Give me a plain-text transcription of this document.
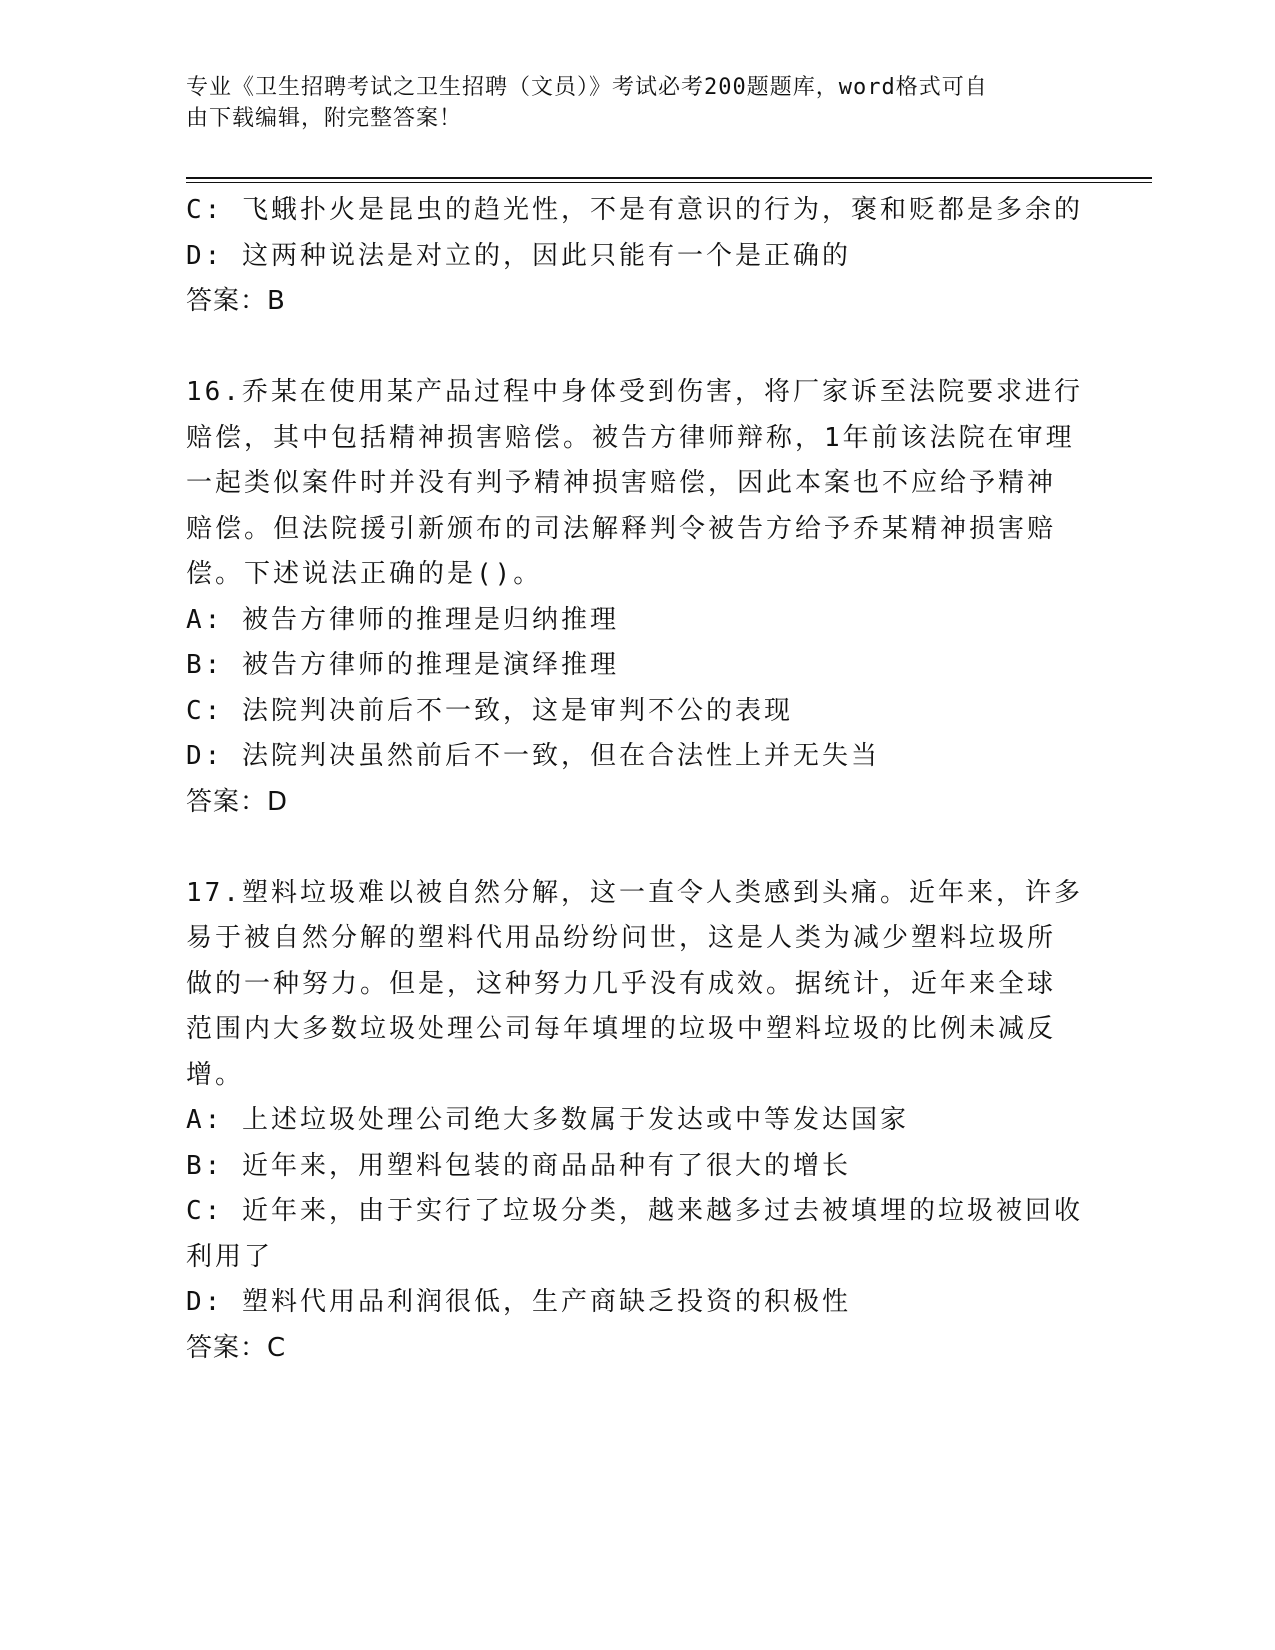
专业《卫生招聘考试之卫生招聘（文员）》考试必考200题题库，word格式可自
由下载编辑，附完整答案！
C: 飞蛾扑火是昆虫的趋光性，不是有意识的行为，褒和贬都是多余的
D: 这两种说法是对立的，因此只能有一个是正确的
答案：B
16.乔某在使用某产品过程中身体受到伤害，将厂家诉至法院要求进行
赔偿，其中包括精神损害赔偿。被告方律师辩称，1年前该法院在审理
一起类似案件时并没有判予精神损害赔偿，因此本案也不应给予精神
赔偿。但法院援引新颁布的司法解释判令被告方给予乔某精神损害赔
偿。下述说法正确的是()。
A: 被告方律师的推理是归纳推理
B: 被告方律师的推理是演绎推理
C: 法院判决前后不一致，这是审判不公的表现
D: 法院判决虽然前后不一致，但在合法性上并无失当
答案：D
17.塑料垃圾难以被自然分解，这一直令人类感到头痛。近年来，许多
易于被自然分解的塑料代用品纷纷问世，这是人类为减少塑料垃圾所
做的一种努力。但是，这种努力几乎没有成效。据统计，近年来全球
范围内大多数垃圾处理公司每年填埋的垃圾中塑料垃圾的比例未减反
增。
A: 上述垃圾处理公司绝大多数属于发达或中等发达国家
B: 近年来，用塑料包装的商品品种有了很大的增长
C: 近年来，由于实行了垃圾分类，越来越多过去被填埋的垃圾被回收
利用了
D: 塑料代用品利润很低，生产商缺乏投资的积极性
答案：C
